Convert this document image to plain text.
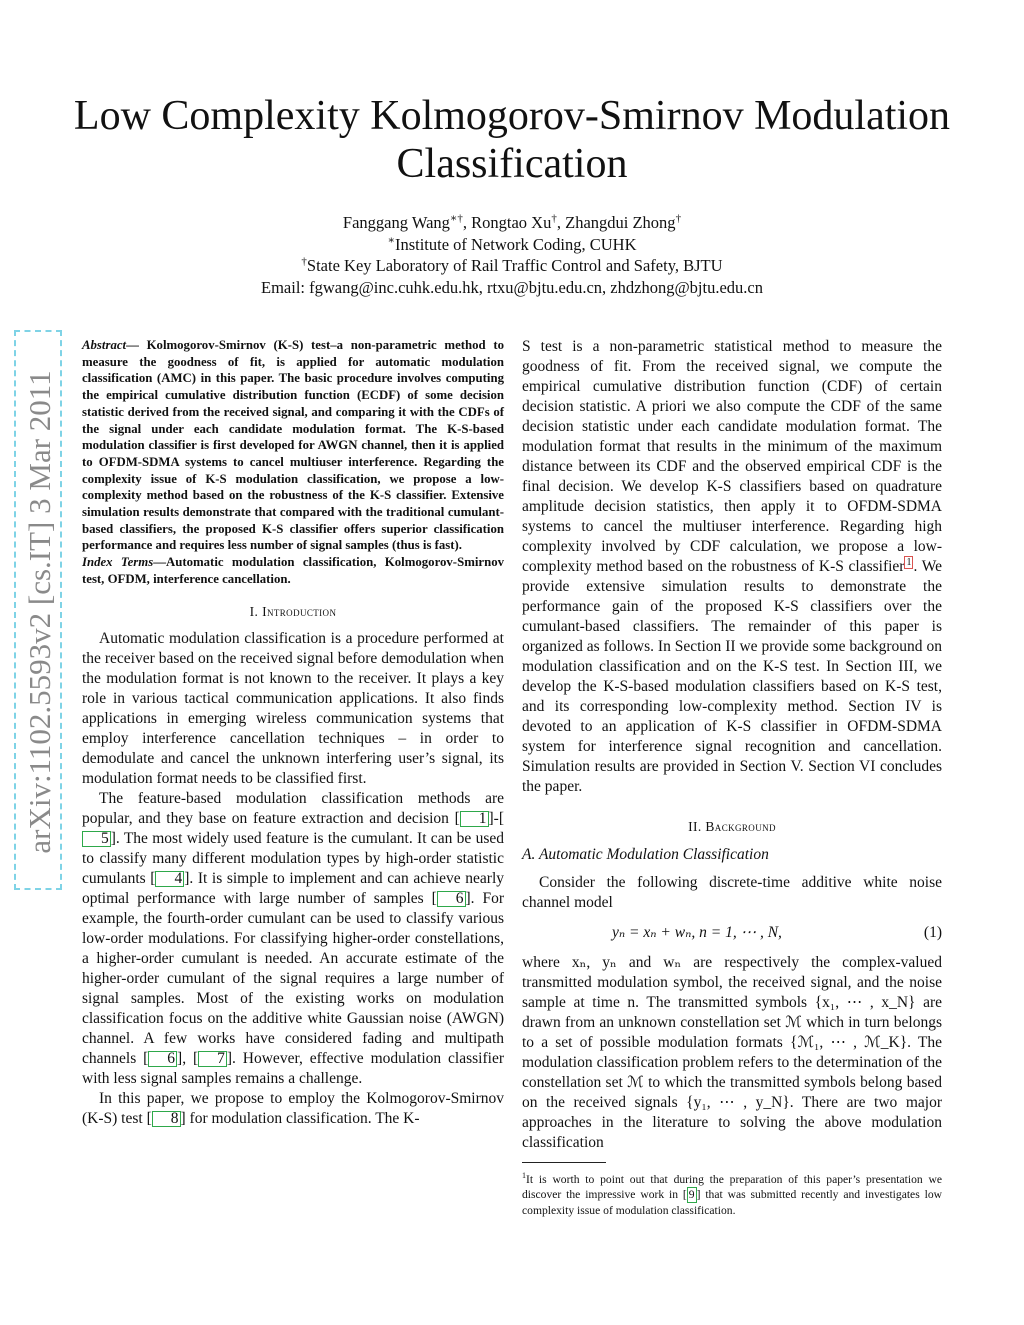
arXiv:1102.5593v2 [cs.IT] 3 Mar 2011
Low Complexity Kolmogorov-Smirnov Modulation Classification
Fanggang Wang∗†, Rongtao Xu†, Zhangdui Zhong†
∗Institute of Network Coding, CUHK
†State Key Laboratory of Rail Traffic Control and Safety, BJTU
Email: fgwang@inc.cuhk.edu.hk, rtxu@bjtu.edu.cn, zhdzhong@bjtu.edu.cn

Abstract— Kolmogorov-Smirnov (K-S) test–a non-parametric method to measure the goodness of fit, is applied for automatic modulation classification (AMC) in this paper. The basic procedure involves computing the empirical cumulative distribution function (ECDF) of some decision statistic derived from the received signal, and comparing it with the CDFs of the signal under each candidate modulation format. The K-S-based modulation classifier is first developed for AWGN channel, then it is applied to OFDM-SDMA systems to cancel multiuser interference. Regarding the complexity issue of K-S modulation classification, we propose a low-complexity method based on the robustness of the K-S classifier. Extensive simulation results demonstrate that compared with the traditional cumulant-based classifiers, the proposed K-S classifier offers superior classification performance and requires less number of signal samples (thus is fast).

Index Terms—Automatic modulation classification, Kolmogorov-Smirnov test, OFDM, interference cancellation.

I. Introduction

Automatic modulation classification is a procedure performed at the receiver based on the received signal before demodulation when the modulation format is not known to the receiver. It plays a key role in various tactical communication applications. It also finds applications in emerging wireless communication systems that employ interference cancellation techniques – in order to demodulate and cancel the unknown interfering user’s signal, its modulation format needs to be classified first.

The feature-based modulation classification methods are popular, and they base on feature extraction and decision [ 1 ]-[5 ]. The most widely used feature is the cumulant. It can be used to classify many different modulation types by high-order statistic cumulants [ 4 ]. It is simple to implement and can achieve nearly optimal performance with large number of samples [ 6 ]. For example, the fourth-order cumulant can be used to classify various low-order modulations. For classifying higher-order constellations, a higher-order cumulant is needed. An accurate estimate of the higher-order cumulant of the signal requires a large number of signal samples. Most of the existing works on modulation classification focus on the additive white Gaussian noise (AWGN) channel. A few works have considered fading and multipath channels [ 6 ], [ 7 ]. However, effective modulation classifier with less signal samples remains a challenge.

In this paper, we propose to employ the Kolmogorov-Smirnov (K-S) test [ 8 ] for modulation classification. The K-

S test is a non-parametric statistical method to measure the goodness of fit. From the received signal, we compute the empirical cumulative distribution function (CDF) of certain decision statistic. A priori we also compute the CDF of the same decision statistic under each candidate modulation format. The modulation format that results in the minimum of the maximum distance between its CDF and the observed empirical CDF is the final decision. We develop K-S classifiers based on quadrature amplitude decision statistics, then apply it to OFDM-SDMA systems to cancel the multiuser interference. Regarding high complexity involved by CDF calculation, we propose a low-complexity method based on the robustness of K-S classifier $^1$ . We provide extensive simulation results to demonstrate the performance gain of the proposed K-S classifiers over the cumulant-based classifiers. The remainder of this paper is organized as follows. In Section II we provide some background on modulation classification and on the K-S test. In Section III, we develop the K-S-based modulation classifiers based on K-S test, and its corresponding low-complexity method. Section IV is devoted to an application of K-S classifier in OFDM-SDMA system for interference signal recognition and cancellation. Simulation results are provided in Section V. Section VI concludes the paper.

II. Background
A. Automatic Modulation Classification

Consider the following discrete-time additive white noise channel model

yₙ = xₙ + wₙ, n = 1, ⋯ , N,	(1)

where xₙ, yₙ and wₙ are respectively the complex-valued transmitted modulation symbol, the received signal, and the noise sample at time n. The transmitted symbols {x₁, ⋯ , x_N} are drawn from an unknown constellation set ℳ which in turn belongs to a set of possible modulation formats {ℳ₁, ⋯ , ℳ_K}. The modulation classification problem refers to the determination of the constellation set ℳ to which the transmitted symbols belong based on the received signals {y₁, ⋯ , y_N}. There are two major approaches in the literature to solving the above modulation classification

$^1$It is worth to point out that during the preparation of this paper’s presentation we discover the impressive work in [ 9 ] that was submitted recently and investigates low complexity issue of modulation classification.
